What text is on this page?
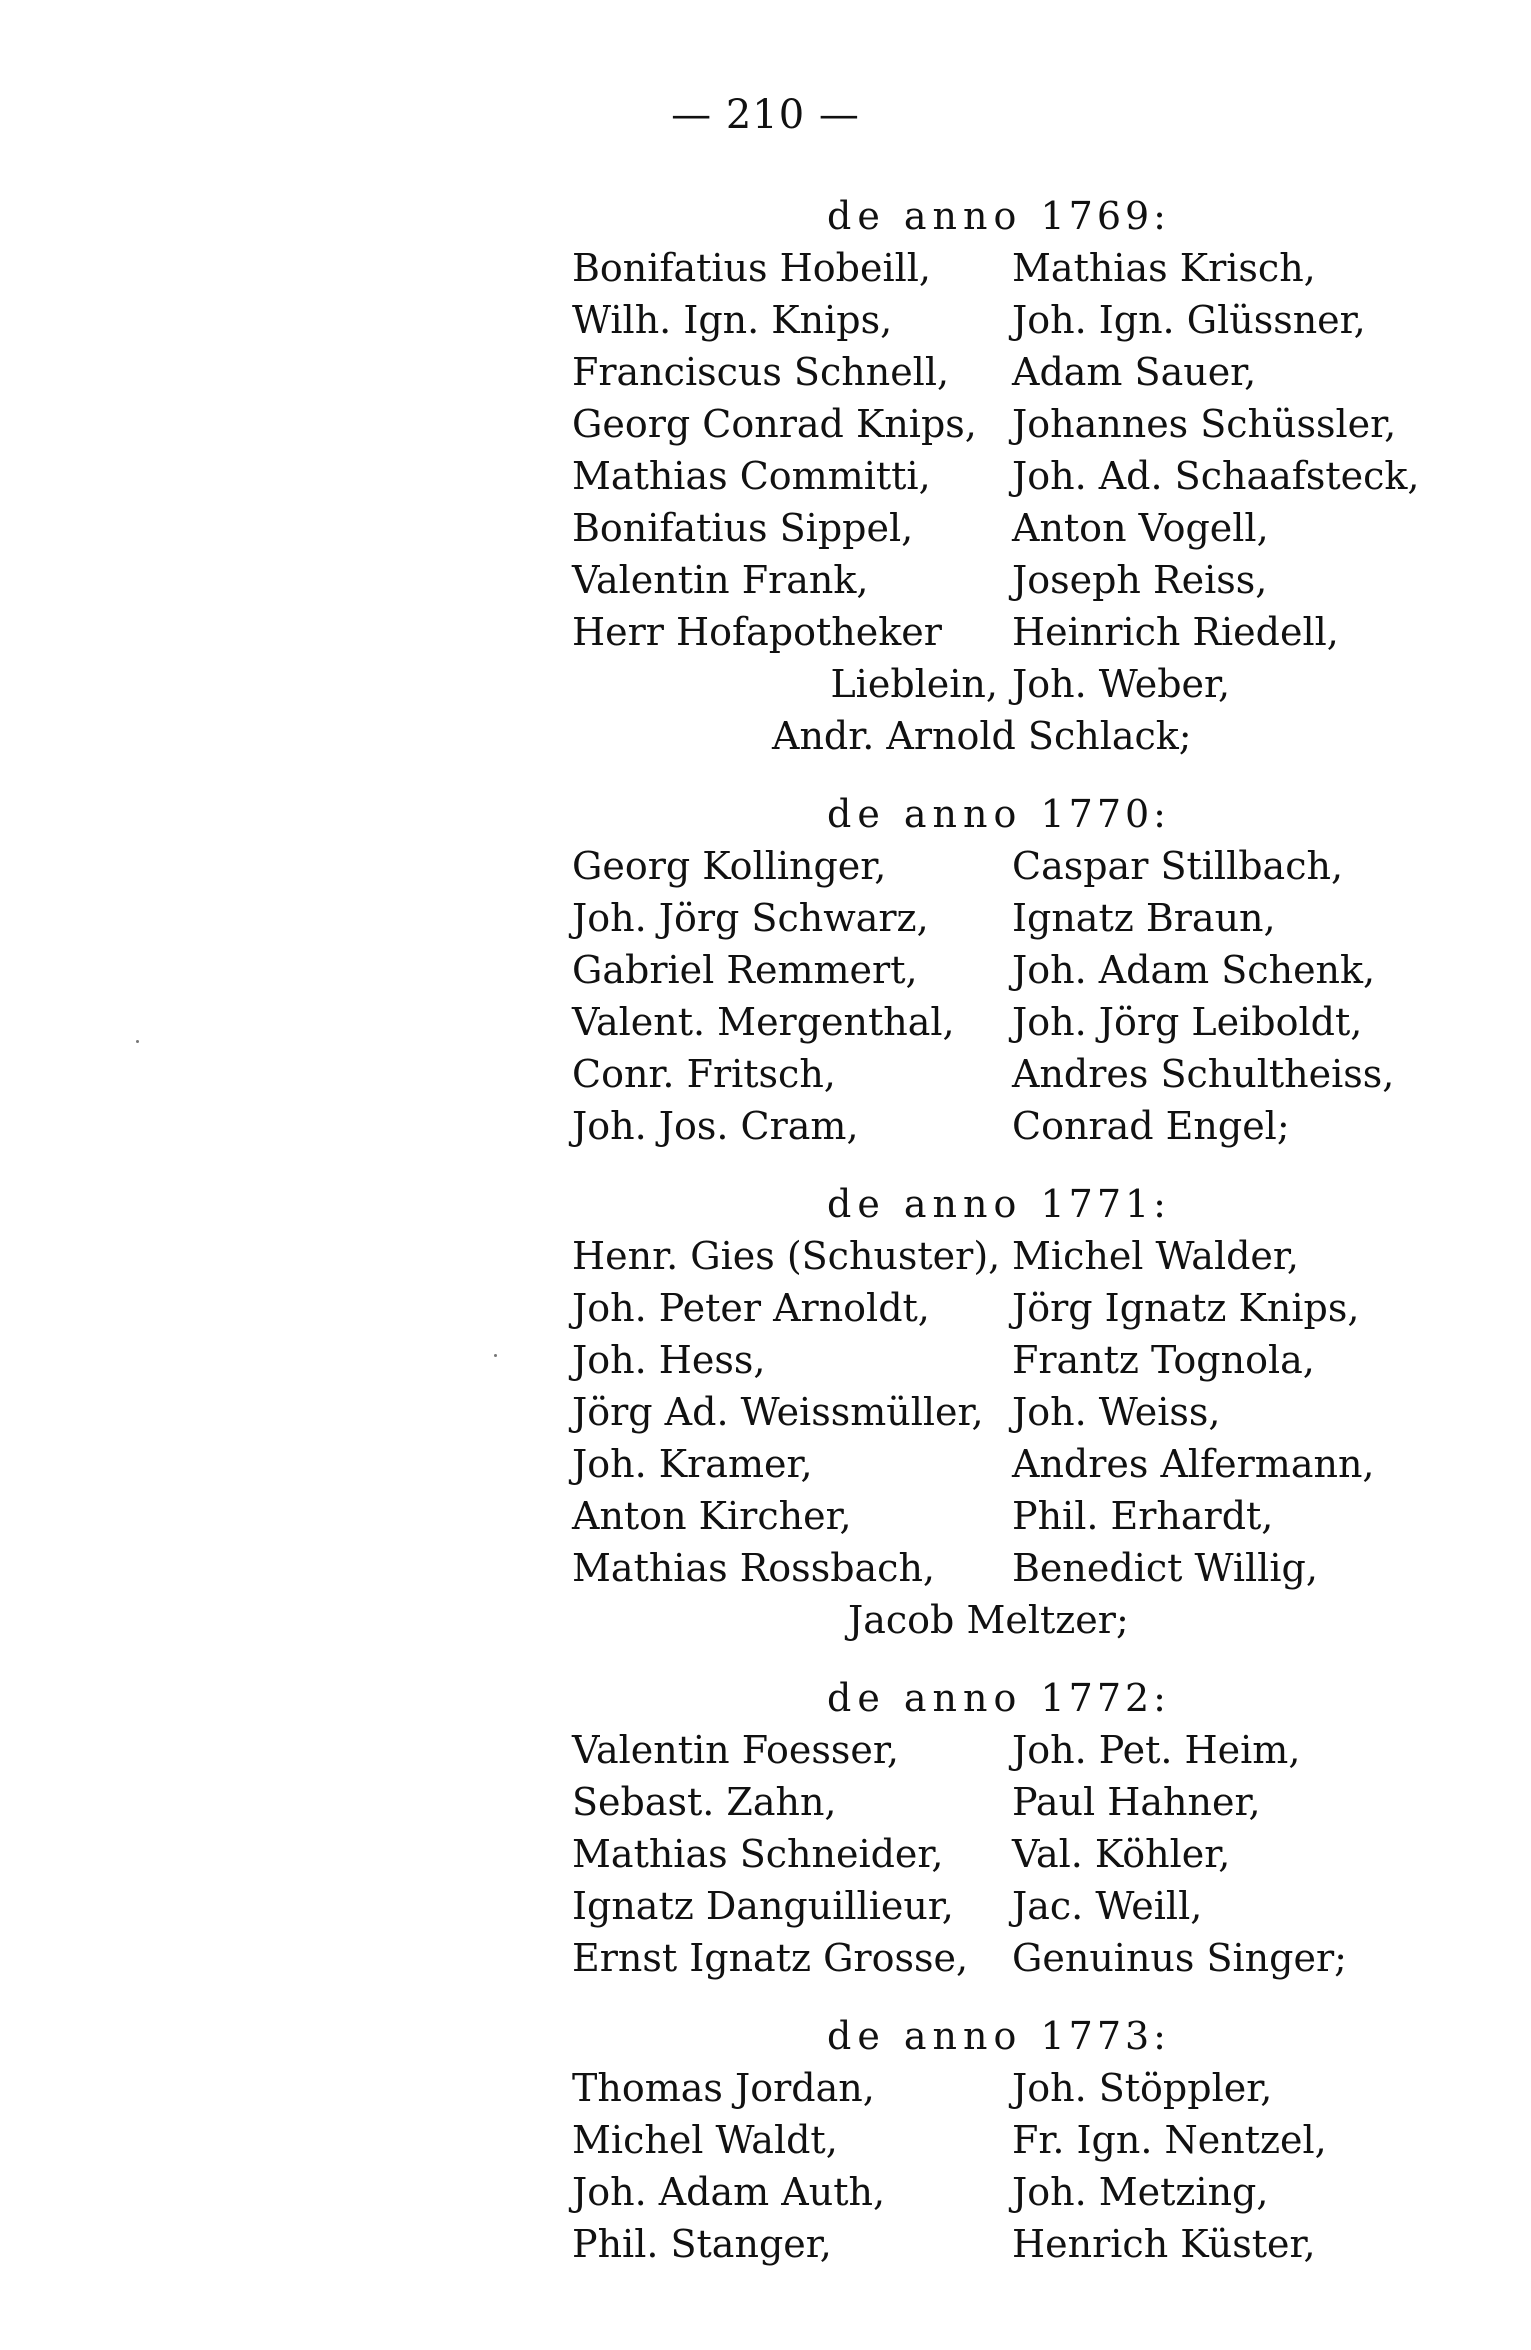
— 210 —
de anno 1769:
Bonifatius Hobeill,	Mathias Krisch,
Wilh. Ign. Knips,	Joh. Ign. Glüssner,
Franciscus Schnell,	Adam Sauer,
Georg Conrad Knips, Johannes Schüssler,
Mathias Committi,	Joh. Ad. Schaafsteck,
Bonifatius Sippel,	Anton Vogell,
Valentin Frank,	Joseph Reiss,
Herr Hofapotheker	Heinrich Riedell,
Lieblein, Joh. Weber,
Andr. Arnold Schlack;
de anno 1770:
Georg Kollinger,	Caspar Stillbach,
Joh. Jörg Schwarz,	Ignatz Braun,
Gabriel Remmert,	Joh. Adam Schenk,
Valent. Mergenthal,	Joh. Jörg Leiboldt,
Conr. Fritsch,	Andres Schultheiss,
Joh. Jos. Cram,	Conrad Engel;
de anno 1771:
Henr. Gies (Schuster), Michel Walder,
Joh. Peter Arnoldt,	Jörg Ignatz Knips,
Joh. Hess,	Frantz Tognola,
Jörg Ad. Weissmüller, Joh. Weiss,
Joh. Kramer,	Andres Alfermann,
Anton Kircher,	Phil. Erhardt,
Mathias Rossbach,	Benedict Willig,
Jacob Meltzer;
de anno 1772:
Valentin Foesser,	Joh. Pet. Heim,
Sebast. Zahn,	Paul Hahner,
Mathias Schneider,	Val. Köhler,
Ignatz Danguillieur,	Jac. Weill,
Ernst Ignatz Grosse,	Genuinus Singer;
de anno 1773:
Thomas Jordan,	Joh. Stöppler,
Michel Waldt,	Fr. Ign. Nentzel,
Joh. Adam Auth,	Joh. Metzing,
Phil. Stanger,	Henrich Küster,
